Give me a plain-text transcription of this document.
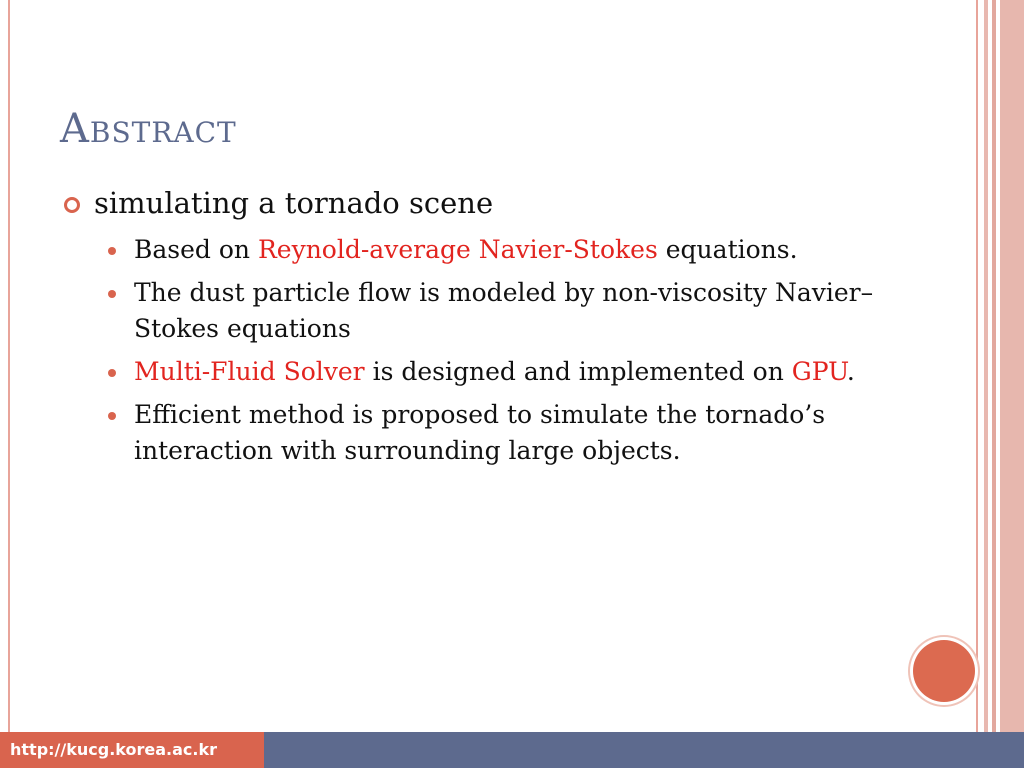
Abstract
simulating a tornado scene
Based on Reynold-average Navier-Stokes equations.
The dust particle flow is modeled by non-viscosity Navier–Stokes equations
Multi-Fluid Solver is designed and implemented on GPU.
Efficient method is proposed to simulate the tornado’s interaction with surrounding large objects.
http://kucg.korea.ac.kr
